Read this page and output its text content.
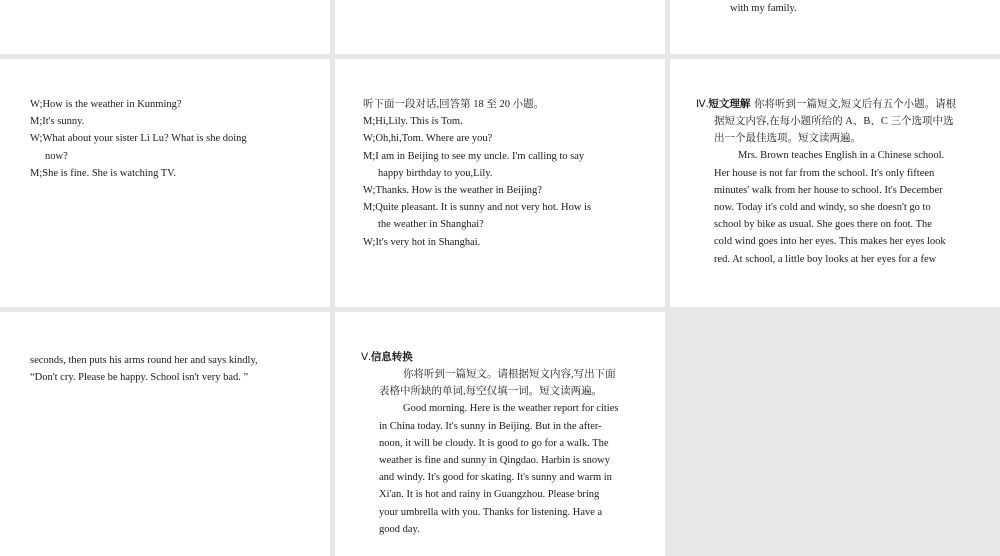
with my family.
W;How is the weather in Kunming?
M;It's sunny.
W;What about your sister Li Lu? What is she doing
now?
M;She is fine. She is watching TV.
听下面一段对话,回答第 18 至 20 小题。
M;Hi,Lily. This is Tom.
W;Oh,hi,Tom. Where are you?
M;I am in Beijing to see my uncle. I'm calling to say
happy birthday to you,Lily.
W;Thanks. How is the weather in Beijing?
M;Quite pleasant. It is sunny and not very hot. How is
the weather in Shanghai?
W;It's very hot in Shanghai.
Ⅳ.短文理解 你将听到一篇短文,短文后有五个小题。请根
据短文内容,在每小题所给的 A、B、C 三个选项中选
出一个最佳选项。短文读两遍。
Mrs. Brown teaches English in a Chinese school.
Her house is not far from the school. It's only fifteen
minutes' walk from her house to school. It's December
now. Today it's cold and windy, so she doesn't go to
school by bike as usual. She goes there on foot. The
cold wind goes into her eyes. This makes her eyes look
red. At school, a little boy looks at her eyes for a few
seconds, then puts his arms round her and says kindly,
“Don't cry. Please be happy. School isn't very bad. ”
Ⅴ.信息转换
你将听到一篇短文。请根据短文内容,写出下面
表格中所缺的单词,每空仅填一词。短文读两遍。
Good morning. Here is the weather report for cities
in China today. It's sunny in Beijing. But in the after-
noon, it will be cloudy. It is good to go for a walk. The
weather is fine and sunny in Qingdao. Harbin is snowy
and windy. It's good for skating. It's sunny and warm in
Xi'an. It is hot and rainy in Guangzhou. Please bring
your umbrella with you. Thanks for listening. Have a
good day.
